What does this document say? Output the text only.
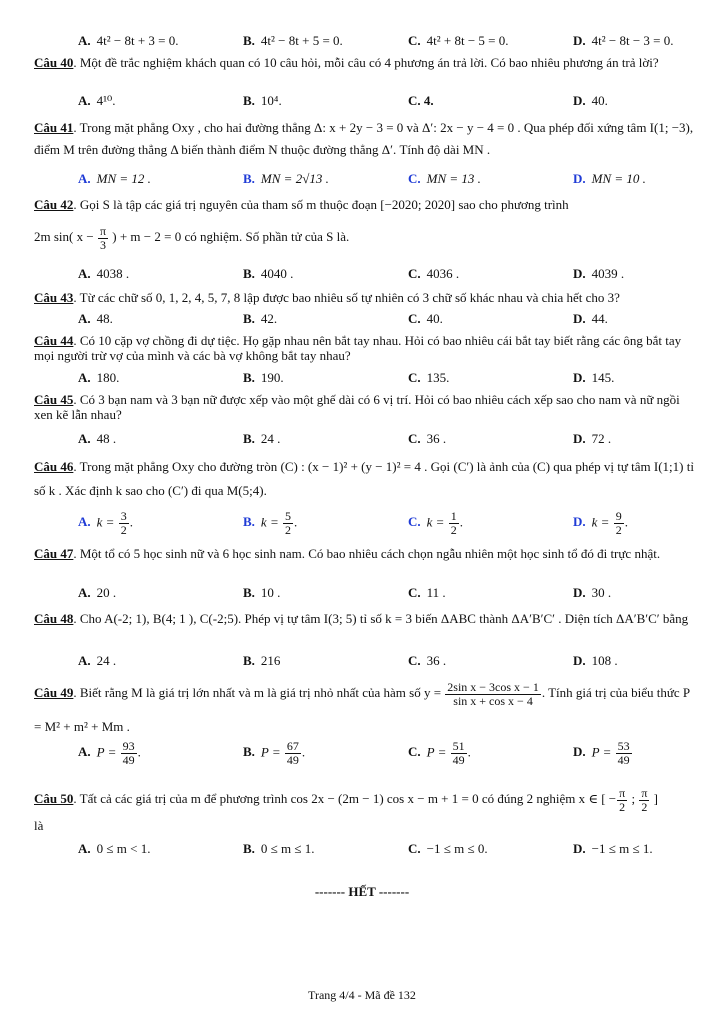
A. 4t² − 8t + 3 = 0.	B. 4t² − 8t + 5 = 0.	C. 4t² + 8t − 5 = 0.	D. 4t² − 8t − 3 = 0.
Câu 40. Một đề trắc nghiệm khách quan có 10 câu hỏi, mỗi câu có 4 phương án trả lời. Có bao nhiêu phương án trả lời?
A. 4¹⁰.	B. 10⁴.	C. 4.	D. 40.
Câu 41. Trong mặt phẳng Oxy , cho hai đường thẳng Δ: x + 2y − 3 = 0 và Δ′: 2x − y − 4 = 0 . Qua phép đối xứng tâm I(1; −3), điểm M trên đường thẳng Δ biến thành điểm N thuộc đường thẳng Δ′. Tính độ dài MN .
A. MN = 12 .	B. MN = 2√13 .	C. MN = 13 .	D. MN = 10 .
Câu 42. Gọi S là tập các giá trị nguyên của tham số m thuộc đoạn [−2020; 2020] sao cho phương trình
2m sin( $x - \frac{\pi}{3}$ ) + m − 2 = 0 có nghiệm. Số phần tử của S là.
A. 4038 .	B. 4040 .	C. 4036 .	D. 4039 .
Câu 43. Từ các chữ số 0, 1, 2, 4, 5, 7, 8 lập được bao nhiêu số tự nhiên có 3 chữ số khác nhau và chia hết cho 3?
A. 48.	B. 42.	C. 40.	D. 44.
Câu 44. Có 10 cặp vợ chồng đi dự tiệc. Họ gặp nhau nên bắt tay nhau. Hỏi có bao nhiêu cái bắt tay biết rằng các ông bắt tay mọi người trừ vợ của mình và các bà vợ không bắt tay nhau?
A. 180.	B. 190.	C. 135.	D. 145.
Câu 45. Có 3 bạn nam và 3 bạn nữ được xếp vào một ghế dài có 6 vị trí. Hỏi có bao nhiêu cách xếp sao cho nam và nữ ngồi xen kẽ lẫn nhau?
A. 48 .	B. 24 .	C. 36 .	D. 72 .
Câu 46. Trong mặt phẳng Oxy cho đường tròn (C) : (x − 1)² + (y − 1)² = 4 . Gọi (C′) là ảnh của (C) qua phép vị tự tâm I(1;1) tỉ số k . Xác định k sao cho (C′) đi qua M(5;4).
A. $k = \frac{3}{2}$ .	B. $k = \frac{5}{2}$ .	C. $k = \frac{1}{2}$ .	D. $k = \frac{9}{2}$ .
Câu 47. Một tổ có 5 học sinh nữ và 6 học sinh nam. Có bao nhiêu cách chọn ngẫu nhiên một học sinh tổ đó đi trực nhật.
A. 20 .	B. 10 .	C. 11 .	D. 30 .
Câu 48. Cho A(-2; 1), B(4; 1 ), C(-2;5). Phép vị tự tâm I(3; 5) tỉ số k = 3 biến ΔABC thành ΔA′B′C′ . Diện tích ΔA′B′C′ bằng
A. 24 .	B. 216	C. 36 .	D. 108 .
Câu 49. Biết rằng M là giá trị lớn nhất và m là giá trị nhỏ nhất của hàm số $y = \frac{\text{2sin x − 3cos x − 1}}{\text{sin x + cos x − 4}}$ . Tính giá trị của biểu thức P = M² + m² + Mm .
A. $P = \frac{93}{49}$ .	B. $P = \frac{67}{49}$ .	C. $P = \frac{51}{49}$ .	D. $P = \frac{53}{49}$
Câu 50. Tất cả các giá trị của m để phương trình cos 2x − (2m − 1) cos x − m + 1 = 0 có đúng 2 nghiệm x ∈ [ − $\frac{\pi}{2}$ ; $\frac{\pi}{2}$ ]
là
A. 0 ≤ m < 1.	B. 0 ≤ m ≤ 1.	C. −1 ≤ m ≤ 0.	D. −1 ≤ m ≤ 1.
------- HẾT -------
Trang 4/4 - Mã đề 132
